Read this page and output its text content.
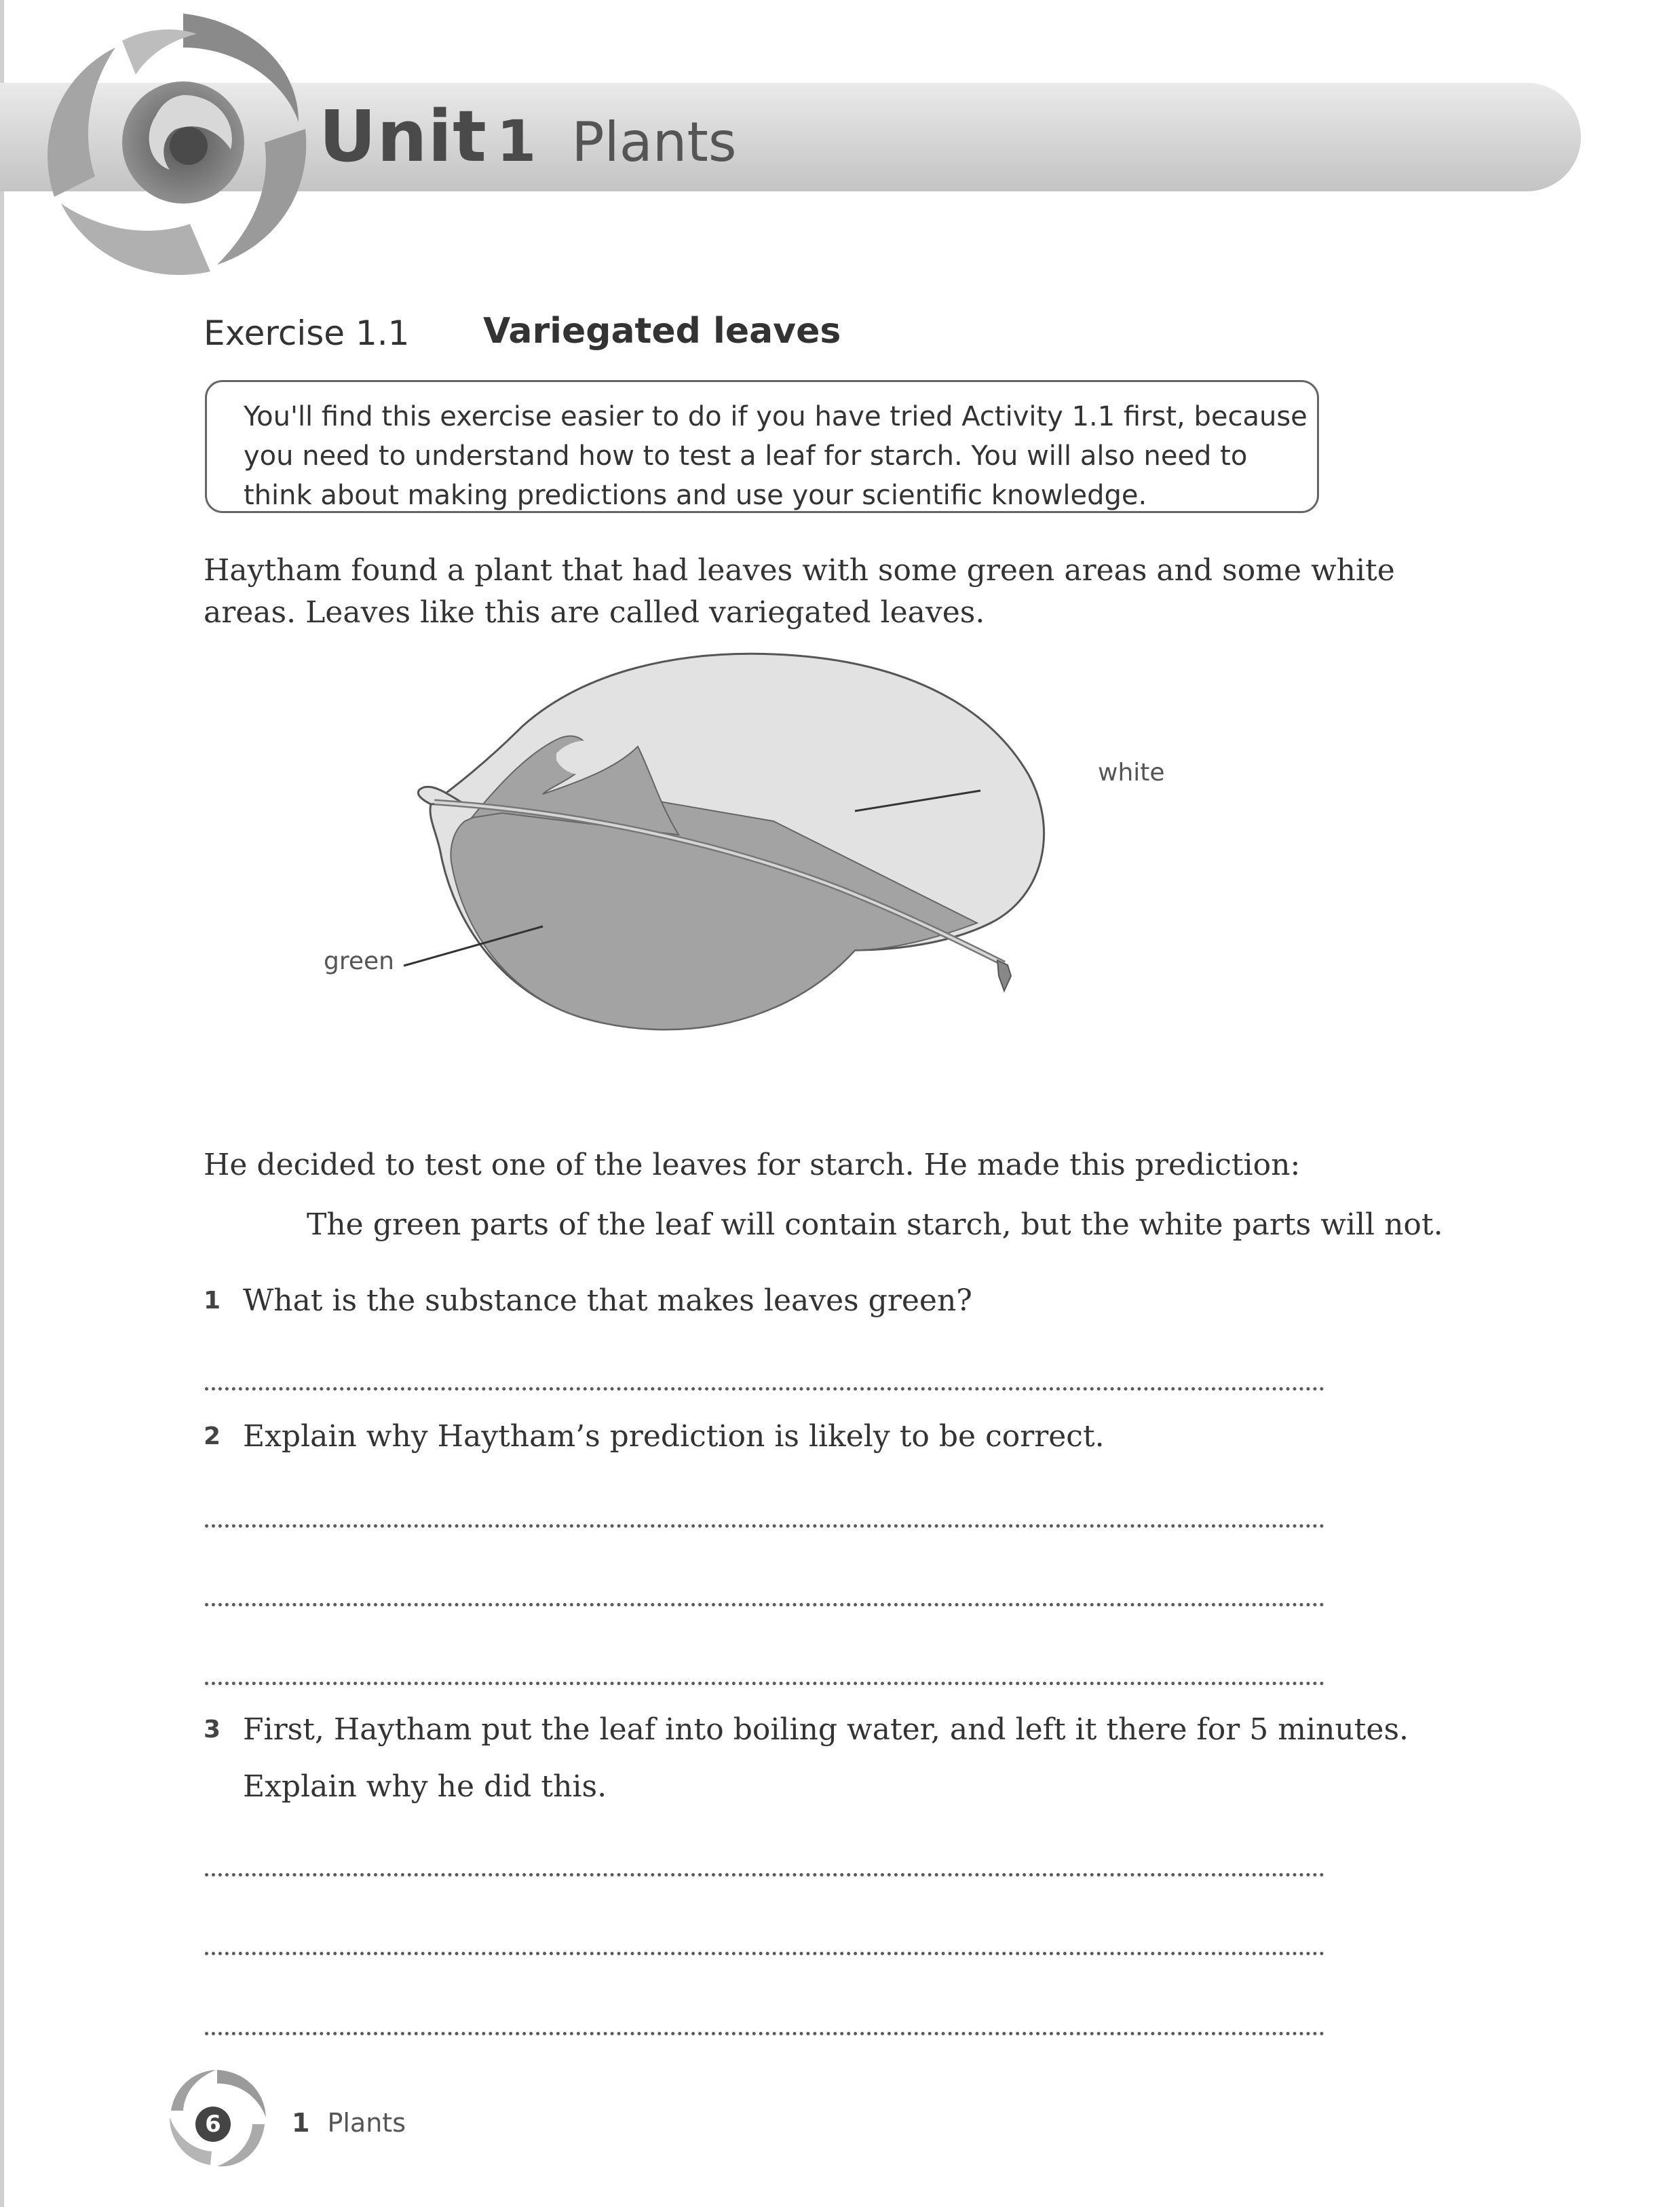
Unit 1 Plants
Exercise 1.1 Variegated leaves
You'll find this exercise easier to do if you have tried Activity 1.1 first, because
you need to understand how to test a leaf for starch. You will also need to
think about making predictions and use your scientific knowledge.
Haytham found a plant that had leaves with some green areas and some white
areas. Leaves like this are called variegated leaves.
white
green
He decided to test one of the leaves for starch. He made this prediction:
The green parts of the leaf will contain starch, but the white parts will not.
1 What is the substance that makes leaves green?
2 Explain why Haytham’s prediction is likely to be correct.
3 First, Haytham put the leaf into boiling water, and left it there for 5 minutes.
Explain why he did this.
6	1 Plants
